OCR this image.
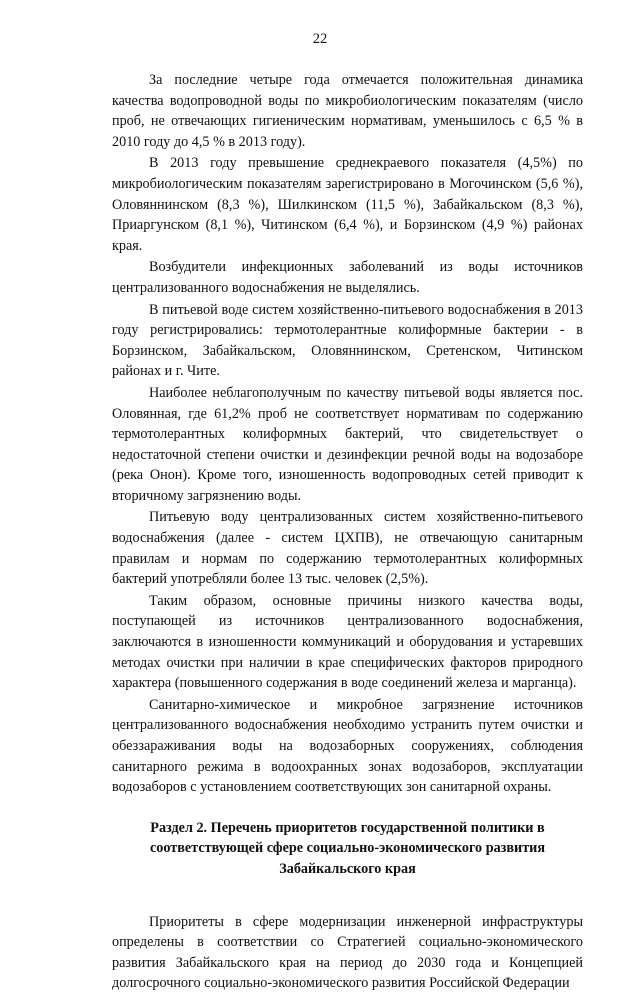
22

За последние четыре года отмечается положительная динамика качества водопроводной воды по микробиологическим показателям (число проб, не отвечающих гигиеническим нормативам, уменьшилось с 6,5 % в 2010 году до 4,5 % в 2013 году).

В 2013 году превышение среднекраевого показателя (4,5%) по микробиологическим показателям зарегистрировано в Могочинском (5,6 %), Оловяннинском (8,3 %), Шилкинском (11,5 %), Забайкальском (8,3 %), Приаргунском (8,1 %), Читинском (6,4 %), и Борзинском (4,9 %) районах края.

Возбудители инфекционных заболеваний из воды источников централизованного водоснабжения не выделялись.

В питьевой воде систем хозяйственно-питьевого водоснабжения в 2013 году регистрировались: термотолерантные колиформные бактерии - в Борзинском, Забайкальском, Оловяннинском, Сретенском, Читинском районах и г. Чите.

Наиболее неблагополучным по качеству питьевой воды является пос. Оловянная, где 61,2% проб не соответствует нормативам по содержанию термотолерантных колиформных бактерий, что свидетельствует о недостаточной степени очистки и дезинфекции речной воды на водозаборе (река Онон). Кроме того, изношенность водопроводных сетей приводит к вторичному загрязнению воды.

Питьевую воду централизованных систем хозяйственно-питьевого водоснабжения (далее - систем ЦХПВ), не отвечающую санитарным правилам и нормам по содержанию термотолерантных колиформных бактерий употребляли более 13 тыс. человек (2,5%).

Таким образом, основные причины низкого качества воды, поступающей из источников централизованного водоснабжения, заключаются в изношенности коммуникаций и оборудования и устаревших методах очистки при наличии в крае специфических факторов природного характера (повышенного содержания в воде соединений железа и марганца).

Санитарно-химическое и микробное загрязнение источников централизованного водоснабжения необходимо устранить путем очистки и обеззараживания воды на водозаборных сооружениях, соблюдения санитарного режима в водоохранных зонах водозаборов, эксплуатации водозаборов с установлением соответствующих зон санитарной охраны.

Раздел 2. Перечень приоритетов государственной политики в
соответствующей сфере социально-экономического развития
Забайкальского края

Приоритеты в сфере модернизации инженерной инфраструктуры определены в соответствии со Стратегией социально-экономического развития Забайкальского края на период до 2030 года и Концепцией долгосрочного социально-экономического развития Российской Федерации
